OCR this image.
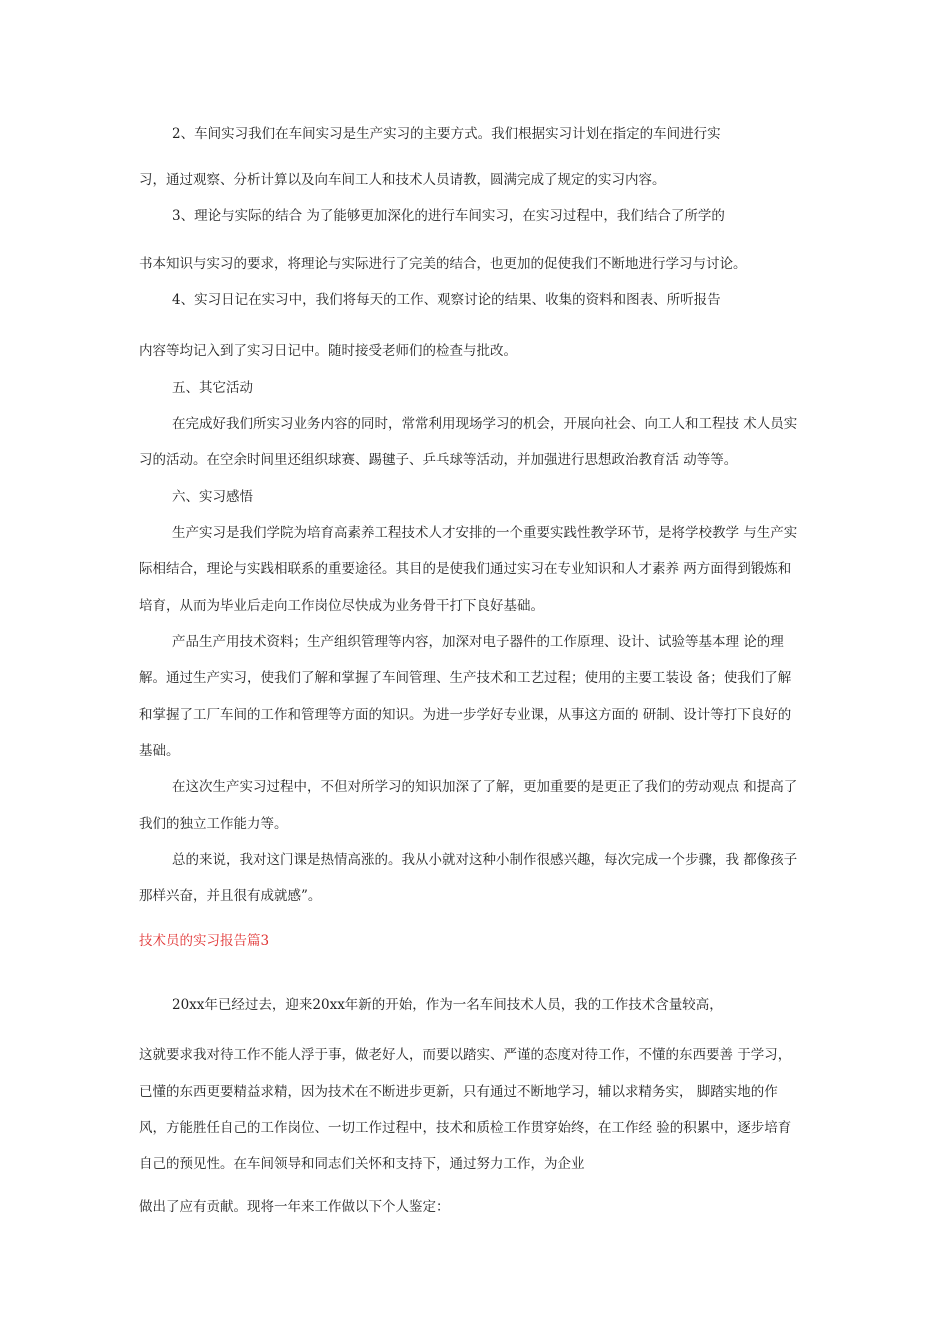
2、车间实习我们在车间实习是生产实习的主要方式。我们根据实习计划在指定的车间进行实
习，通过观察、分析计算以及向车间工人和技术人员请教，圆满完成了规定的实习内容。
3、理论与实际的结合 为了能够更加深化的进行车间实习，在实习过程中，我们结合了所学的
书本知识与实习的要求，将理论与实际进行了完美的结合，也更加的促使我们不断地进行学习与讨论。
4、实习日记在实习中，我们将每天的工作、观察讨论的结果、收集的资料和图表、所听报告
内容等均记入到了实习日记中。随时接受老师们的检查与批改。
五、其它活动
在完成好我们所实习业务内容的同时，常常利用现场学习的机会，开展向社会、向工人和工程技 术人员实
习的活动。在空余时间里还组织球赛、踢毽子、乒乓球等活动，并加强进行思想政治教育活 动等等。
六、实习感悟
生产实习是我们学院为培育高素养工程技术人才安排的一个重要实践性教学环节，是将学校教学 与生产实
际相结合，理论与实践相联系的重要途径。其目的是使我们通过实习在专业知识和人才素养 两方面得到锻炼和
培育，从而为毕业后走向工作岗位尽快成为业务骨干打下良好基础。
产品生产用技术资料；生产组织管理等内容，加深对电子器件的工作原理、设计、试验等基本理 论的理
解。通过生产实习，使我们了解和掌握了车间管理、生产技术和工艺过程；使用的主要工装设 备；使我们了解
和掌握了工厂车间的工作和管理等方面的知识。为进一步学好专业课，从事这方面的 研制、设计等打下良好的
基础。
在这次生产实习过程中，不但对所学习的知识加深了了解，更加重要的是更正了我们的劳动观点 和提高了
我们的独立工作能力等。
总的来说，我对这门课是热情高涨的。我从小就对这种小制作很感兴趣，每次完成一个步骤，我 都像孩子
那样兴奋，并且很有成就感”。
技术员的实习报告篇3
20xx年已经过去，迎来20xx年新的开始，作为一名车间技术人员，我的工作技术含量较高，
这就要求我对待工作不能人浮于事，做老好人，而要以踏实、严谨的态度对待工作，不懂的东西要善 于学习，
已懂的东西更要精益求精，因为技术在不断进步更新，只有通过不断地学习，辅以求精务实， 脚踏实地的作
风，方能胜任自己的工作岗位、一切工作过程中，技术和质检工作贯穿始终，在工作经 验的积累中，逐步培育
自己的预见性。在车间领导和同志们关怀和支持下，通过努力工作，为企业
做出了应有贡献。现将一年来工作做以下个人鉴定：
